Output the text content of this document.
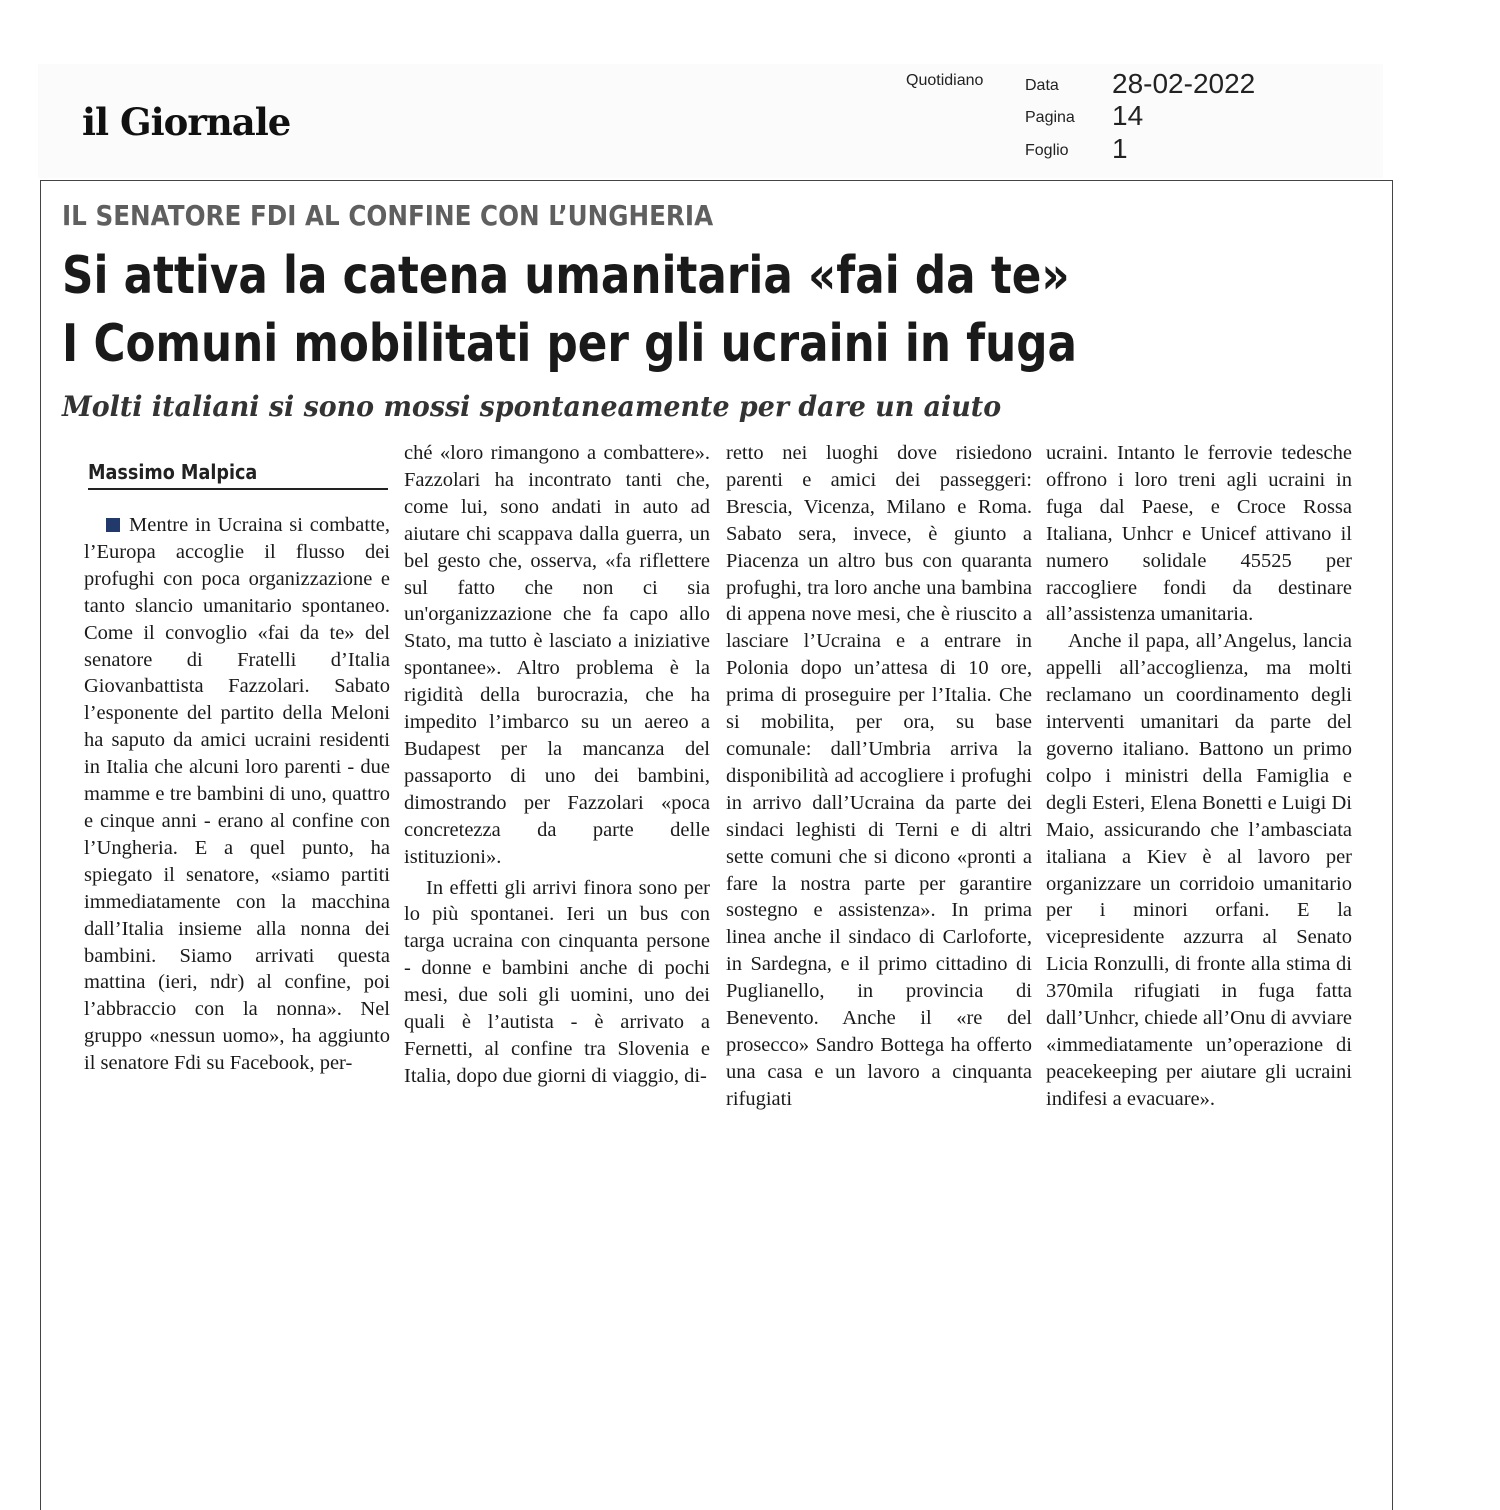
il Giornale
Quotidiano	Data 28-02-2022
Pagina 14
Foglio 1
IL SENATORE FDI AL CONFINE CON L’UNGHERIA
Si attiva la catena umanitaria «fai da te»
I Comuni mobilitati per gli ucraini in fuga
Molti italiani si sono mossi spontaneamente per dare un aiuto
Massimo Malpica

Mentre in Ucraina si combatte, l’Europa accoglie il flusso dei profughi con poca organizzazione e tanto slancio umanitario spontaneo. Come il convoglio «fai da te» del senatore di Fratelli d’Italia Giovanbattista Fazzolari. Sabato l’esponente del partito della Meloni ha saputo da amici ucraini residenti in Italia che alcuni loro parenti - due mamme e tre bambini di uno, quattro e cinque anni - erano al confine con l’Ungheria. E a quel punto, ha spiegato il senatore, «siamo partiti immediatamente con la macchina dall’Italia insieme alla nonna dei bambini. Siamo arrivati questa mattina (ieri, ndr) al confine, poi l’abbraccio con la nonna». Nel gruppo «nessun uomo», ha aggiunto il senatore Fdi su Facebook, per-

ché «loro rimangono a combattere». Fazzolari ha incontrato tanti che, come lui, sono andati in auto ad aiutare chi scappava dalla guerra, un bel gesto che, osserva, «fa riflettere sul fatto che non ci sia un'organizzazione che fa capo allo Stato, ma tutto è lasciato a iniziative spontanee». Altro problema è la rigidità della burocrazia, che ha impedito l’imbarco su un aereo a Budapest per la mancanza del passaporto di uno dei bambini, dimostrando per Fazzolari «poca concretezza da parte delle istituzioni».

In effetti gli arrivi finora sono per lo più spontanei. Ieri un bus con targa ucraina con cinquanta persone - donne e bambini anche di pochi mesi, due soli gli uomini, uno dei quali è l’autista - è arrivato a Fernetti, al confine tra Slovenia e Italia, dopo due giorni di viaggio, di-

retto nei luoghi dove risiedono parenti e amici dei passeggeri: Brescia, Vicenza, Milano e Roma. Sabato sera, invece, è giunto a Piacenza un altro bus con quaranta profughi, tra loro anche una bambina di appena nove mesi, che è riuscito a lasciare l’Ucraina e a entrare in Polonia dopo un’attesa di 10 ore, prima di proseguire per l’Italia. Che si mobilita, per ora, su base comunale: dall’Umbria arriva la disponibilità ad accogliere i profughi in arrivo dall’Ucraina da parte dei sindaci leghisti di Terni e di altri sette comuni che si dicono «pronti a fare la nostra parte per garantire sostegno e assistenza». In prima linea anche il sindaco di Carloforte, in Sardegna, e il primo cittadino di Puglianello, in provincia di Benevento. Anche il «re del prosecco» Sandro Bottega ha offerto una casa e un lavoro a cinquanta rifugiati

ucraini. Intanto le ferrovie tedesche offrono i loro treni agli ucraini in fuga dal Paese, e Croce Rossa Italiana, Unhcr e Unicef attivano il numero solidale 45525 per raccogliere fondi da destinare all’assistenza umanitaria.

Anche il papa, all’Angelus, lancia appelli all’accoglienza, ma molti reclamano un coordinamento degli interventi umanitari da parte del governo italiano. Battono un primo colpo i ministri della Famiglia e degli Esteri, Elena Bonetti e Luigi Di Maio, assicurando che l’ambasciata italiana a Kiev è al lavoro per organizzare un corridoio umanitario per i minori orfani. E la vicepresidente azzurra al Senato Licia Ronzulli, di fronte alla stima di 370mila rifugiati in fuga fatta dall’Unhcr, chiede all’Onu di avviare «immediatamente un’operazione di peacekeeping per aiutare gli ucraini indifesi a evacuare».
